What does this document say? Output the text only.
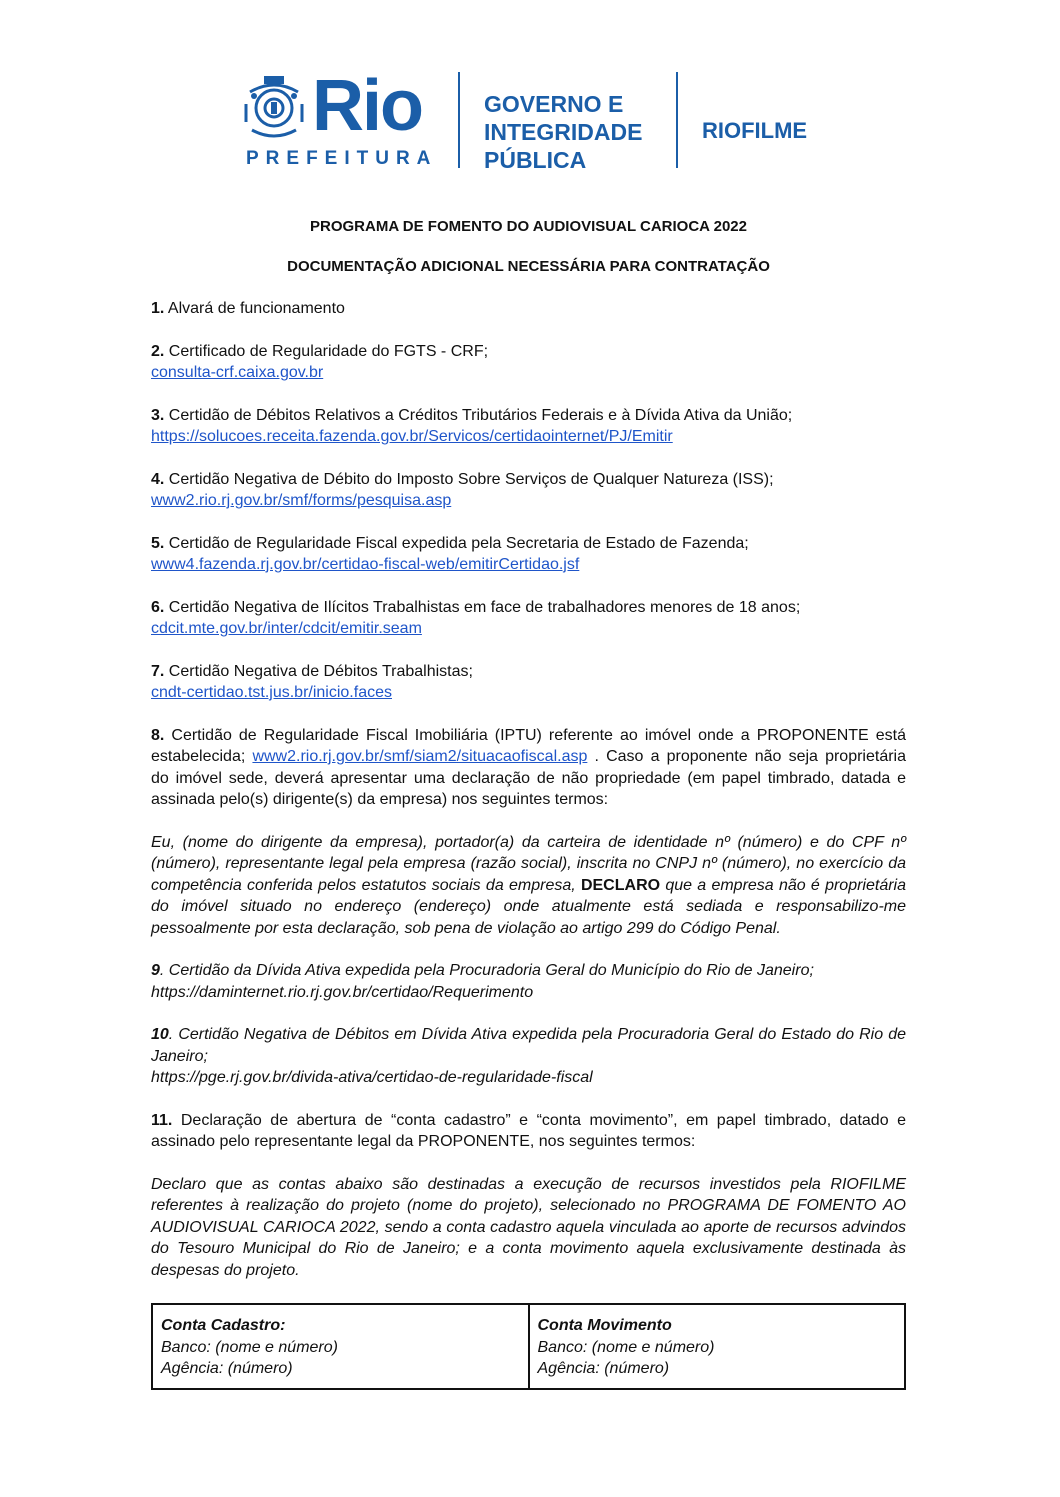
Rio
PREFEITURA
GOVERNO E
INTEGRIDADE
PÚBLICA
RIOFILME

PROGRAMA DE FOMENTO DO AUDIOVISUAL CARIOCA 2022

DOCUMENTAÇÃO ADICIONAL NECESSÁRIA PARA CONTRATAÇÃO

1. Alvará de funcionamento

2. Certificado de Regularidade do FGTS - CRF;

consulta-crf.caixa.gov.br

3. Certidão de Débitos Relativos a Créditos Tributários Federais e à Dívida Ativa da União;

https://solucoes.receita.fazenda.gov.br/Servicos/certidaointernet/PJ/Emitir

4. Certidão Negativa de Débito do Imposto Sobre Serviços de Qualquer Natureza (ISS);

www2.rio.rj.gov.br/smf/forms/pesquisa.asp

5. Certidão de Regularidade Fiscal expedida pela Secretaria de Estado de Fazenda;

www4.fazenda.rj.gov.br/certidao-fiscal-web/emitirCertidao.jsf

6. Certidão Negativa de Ilícitos Trabalhistas em face de trabalhadores menores de 18 anos;

cdcit.mte.gov.br/inter/cdcit/emitir.seam

7. Certidão Negativa de Débitos Trabalhistas;

cndt-certidao.tst.jus.br/inicio.faces

8. Certidão de Regularidade Fiscal Imobiliária (IPTU) referente ao imóvel onde a PROPONENTE está estabelecida; www2.rio.rj.gov.br/smf/siam2/situacaofiscal.asp . Caso a proponente não seja proprietária do imóvel sede, deverá apresentar uma declaração de não propriedade (em papel timbrado, datada e assinada pelo(s) dirigente(s) da empresa) nos seguintes termos:

Eu, (nome do dirigente da empresa), portador(a) da carteira de identidade nº (número) e do CPF nº (número), representante legal pela empresa (razão social), inscrita no CNPJ nº (número), no exercício da competência conferida pelos estatutos sociais da empresa, DECLARO que a empresa não é proprietária do imóvel situado no endereço (endereço) onde atualmente está sediada e responsabilizo-me pessoalmente por esta declaração, sob pena de violação ao artigo 299 do Código Penal.

9. Certidão da Dívida Ativa expedida pela Procuradoria Geral do Município do Rio de Janeiro;

https://daminternet.rio.rj.gov.br/certidao/Requerimento

10. Certidão Negativa de Débitos em Dívida Ativa expedida pela Procuradoria Geral do Estado do Rio de Janeiro;

https://pge.rj.gov.br/divida-ativa/certidao-de-regularidade-fiscal

11. Declaração de abertura de “conta cadastro” e “conta movimento”, em papel timbrado, datado e assinado pelo representante legal da PROPONENTE, nos seguintes termos:

Declaro que as contas abaixo são destinadas a execução de recursos investidos pela RIOFILME referentes à realização do projeto (nome do projeto), selecionado no PROGRAMA DE FOMENTO AO AUDIOVISUAL CARIOCA 2022, sendo a conta cadastro aquela vinculada ao aporte de recursos advindos do Tesouro Municipal do Rio de Janeiro; e a conta movimento aquela exclusivamente destinada às despesas do projeto.

Conta Cadastro:
Banco: (nome e número)
Agência: (número)

Conta Movimento
Banco: (nome e número)
Agência: (número)
